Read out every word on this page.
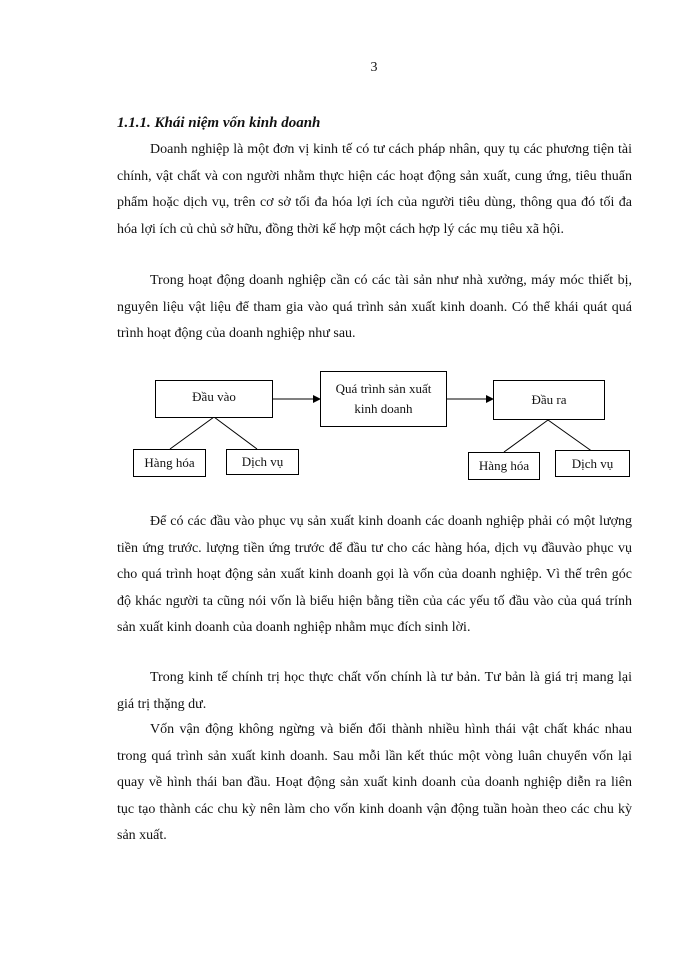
3
1.1.1. Khái niệm vốn kinh doanh

Doanh nghiệp là một đơn vị kinh tế có tư cách pháp nhân, quy tụ các phương tiện tài chính, vật chất và con người nhằm thực hiện các hoạt động sản xuất, cung ứng, tiêu thuẩn phẩm hoặc dịch vụ, trên cơ sở tối đa hóa lợi ích của người tiêu dùng, thông qua đó tối đa hóa lợi ích củ chủ sở hữu, đồng thời kế hợp một cách hợp lý các mụ tiêu xã hội.

Trong hoạt động doanh nghiệp cần có các tài sản như nhà xưởng, máy móc thiết bị, nguyên liệu vật liệu để tham gia vào quá trình sản xuất kinh doanh. Có thể khái quát quá trình hoạt động của doanh nghiệp như sau.

Đầu vào
Quá trình sản xuất
kinh doanh
Đầu ra
Hàng hóa	Dịch vụ	Hàng hóa	Dịch vụ

Để có các đầu vào phục vụ sản xuất kinh doanh các doanh nghiệp phải có một lượng tiền ứng trước. lượng tiền ứng trước để đầu tư cho các hàng hóa, dịch vụ đầuvào phục vụ cho quá trình hoạt động sản xuất kinh doanh gọi là vốn của doanh nghiệp. Vì thế trên góc độ khác người ta cũng nói vốn là biểu hiện bằng tiền của các yếu tố đầu vào của quá trính sản xuất kinh doanh của doanh nghiệp nhằm mục đích sinh lời.

Trong kinh tế chính trị học thực chất vốn chính là tư bản. Tư bản là giá trị mang lại giá trị thặng dư.

Vốn vận động không ngừng và biến đổi thành nhiều hình thái vật chất khác nhau trong quá trình sản xuất kinh doanh. Sau mỗi lần kết thúc một vòng luân chuyển vốn lại quay về hình thái ban đầu. Hoạt động sản xuất kinh doanh của doanh nghiệp diễn ra liên tục tạo thành các chu kỳ nên làm cho vốn kinh doanh vận động tuần hoàn theo các chu kỳ sản xuất.
